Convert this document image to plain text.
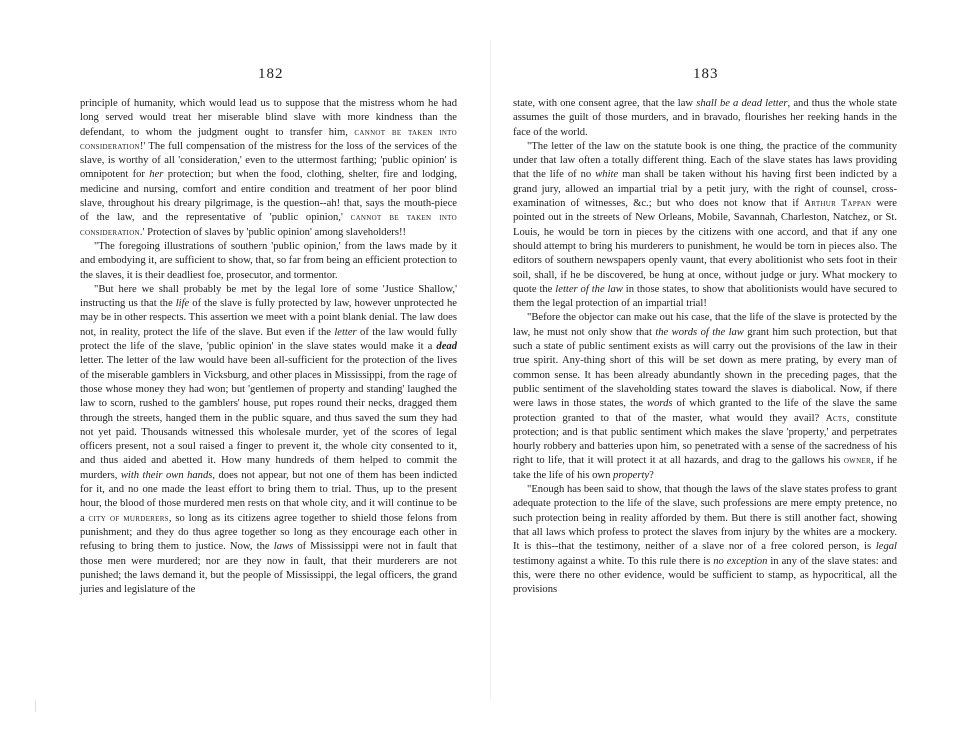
182	183

principle of humanity, which would lead us to suppose that the mistress whom he had long served would treat her miserable blind slave with more kindness than the defendant, to whom the judgment ought to transfer him, cannot be taken into consideration!' The full compensation of the mistress for the loss of the services of the slave, is worthy of all 'consideration,' even to the uttermost farthing; 'public opinion' is omnipotent for her protection; but when the food, clothing, shelter, fire and lodging, medicine and nursing, comfort and entire condition and treatment of her poor blind slave, throughout his dreary pilgrimage, is the question--ah! that, says the mouth-piece of the law, and the representative of 'public opinion,' cannot be taken into consideration.' Protection of slaves by 'public opinion' among slaveholders!!

"The foregoing illustrations of southern 'public opinion,' from the laws made by it and embodying it, are sufficient to show, that, so far from being an efficient protection to the slaves, it is their deadliest foe, prosecutor, and tormentor.

"But here we shall probably be met by the legal lore of some 'Justice Shallow,' instructing us that the life of the slave is fully protected by law, however unprotected he may be in other respects. This assertion we meet with a point blank denial. The law does not, in reality, protect the life of the slave. But even if the letter of the law would fully protect the life of the slave, 'public opinion' in the slave states would make it a dead letter. The letter of the law would have been all-sufficient for the protection of the lives of the miserable gamblers in Vicksburg, and other places in Mississippi, from the rage of those whose money they had won; but 'gentlemen of property and standing' laughed the law to scorn, rushed to the gamblers' house, put ropes round their necks, dragged them through the streets, hanged them in the public square, and thus saved the sum they had not yet paid. Thousands witnessed this wholesale murder, yet of the scores of legal officers present, not a soul raised a finger to prevent it, the whole city consented to it, and thus aided and abetted it. How many hundreds of them helped to commit the murders, with their own hands, does not appear, but not one of them has been indicted for it, and no one made the least effort to bring them to trial. Thus, up to the present hour, the blood of those murdered men rests on that whole city, and it will continue to be a city of murderers, so long as its citizens agree together to shield those felons from punishment; and they do thus agree together so long as they encourage each other in refusing to bring them to justice. Now, the laws of Mississippi were not in fault that those men were murdered; nor are they now in fault, that their murderers are not punished; the laws demand it, but the people of Mississippi, the legal officers, the grand juries and legislature of the

state, with one consent agree, that the law shall be a dead letter, and thus the whole state assumes the guilt of those murders, and in bravado, flourishes her reeking hands in the face of the world.

"The letter of the law on the statute book is one thing, the practice of the community under that law often a totally different thing. Each of the slave states has laws providing that the life of no white man shall be taken without his having first been indicted by a grand jury, allowed an impartial trial by a petit jury, with the right of counsel, cross-examination of witnesses, &c.; but who does not know that if Arthur Tappan were pointed out in the streets of New Orleans, Mobile, Savannah, Charleston, Natchez, or St. Louis, he would be torn in pieces by the citizens with one accord, and that if any one should attempt to bring his murderers to punishment, he would be torn in pieces also. The editors of southern newspapers openly vaunt, that every abolitionist who sets foot in their soil, shall, if he be discovered, be hung at once, without judge or jury. What mockery to quote the letter of the law in those states, to show that abolitionists would have secured to them the legal protection of an impartial trial!

"Before the objector can make out his case, that the life of the slave is protected by the law, he must not only show that the words of the law grant him such protection, but that such a state of public sentiment exists as will carry out the provisions of the law in their true spirit. Any-thing short of this will be set down as mere prating, by every man of common sense. It has been already abundantly shown in the preceding pages, that the public sentiment of the slaveholding states toward the slaves is diabolical. Now, if there were laws in those states, the words of which granted to the life of the slave the same protection granted to that of the master, what would they avail? Acts, constitute protection; and is that public sentiment which makes the slave 'property,' and perpetrates hourly robbery and batteries upon him, so penetrated with a sense of the sacredness of his right to life, that it will protect it at all hazards, and drag to the gallows his owner, if he take the life of his own property?

"Enough has been said to show, that though the laws of the slave states profess to grant adequate protection to the life of the slave, such professions are mere empty pretence, no such protection being in reality afforded by them. But there is still another fact, showing that all laws which profess to protect the slaves from injury by the whites are a mockery. It is this--that the testimony, neither of a slave nor of a free colored person, is legal testimony against a white. To this rule there is no exception in any of the slave states: and this, were there no other evidence, would be sufficient to stamp, as hypocritical, all the provisions
